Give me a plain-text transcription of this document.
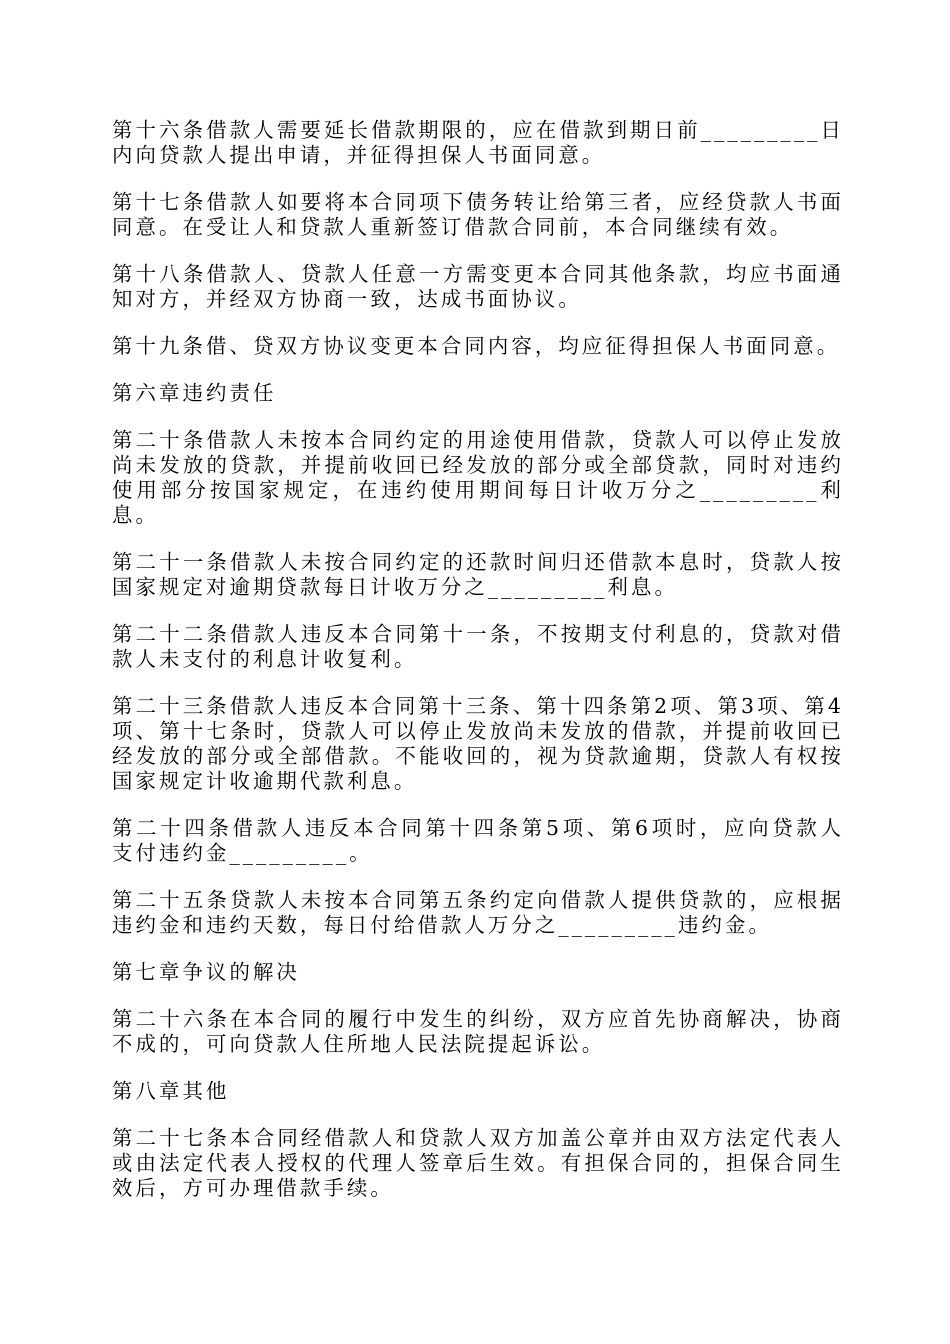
第十六条借款人需要延长借款期限的，应在借款到期日前_________日内向贷款人提出申请，并征得担保人书面同意。

第十七条借款人如要将本合同项下债务转让给第三者，应经贷款人书面同意。在受让人和贷款人重新签订借款合同前，本合同继续有效。

第十八条借款人、贷款人任意一方需变更本合同其他条款，均应书面通知对方，并经双方协商一致，达成书面协议。

第十九条借、贷双方协议变更本合同内容，均应征得担保人书面同意。

第六章违约责任

第二十条借款人未按本合同约定的用途使用借款，贷款人可以停止发放尚未发放的贷款，并提前收回已经发放的部分或全部贷款，同时对违约使用部分按国家规定，在违约使用期间每日计收万分之_________利息。

第二十一条借款人未按合同约定的还款时间归还借款本息时，贷款人按国家规定对逾期贷款每日计收万分之_________利息。

第二十二条借款人违反本合同第十一条，不按期支付利息的，贷款对借款人未支付的利息计收复利。

第二十三条借款人违反本合同第十三条、第十四条第2项、第3项、第4项、第十七条时，贷款人可以停止发放尚未发放的借款，并提前收回已经发放的部分或全部借款。不能收回的，视为贷款逾期，贷款人有权按国家规定计收逾期代款利息。

第二十四条借款人违反本合同第十四条第5项、第6项时，应向贷款人支付违约金_________。

第二十五条贷款人未按本合同第五条约定向借款人提供贷款的，应根据违约金和违约天数，每日付给借款人万分之_________违约金。

第七章争议的解决

第二十六条在本合同的履行中发生的纠纷，双方应首先协商解决，协商不成的，可向贷款人住所地人民法院提起诉讼。

第八章其他

第二十七条本合同经借款人和贷款人双方加盖公章并由双方法定代表人或由法定代表人授权的代理人签章后生效。有担保合同的，担保合同生效后，方可办理借款手续。
